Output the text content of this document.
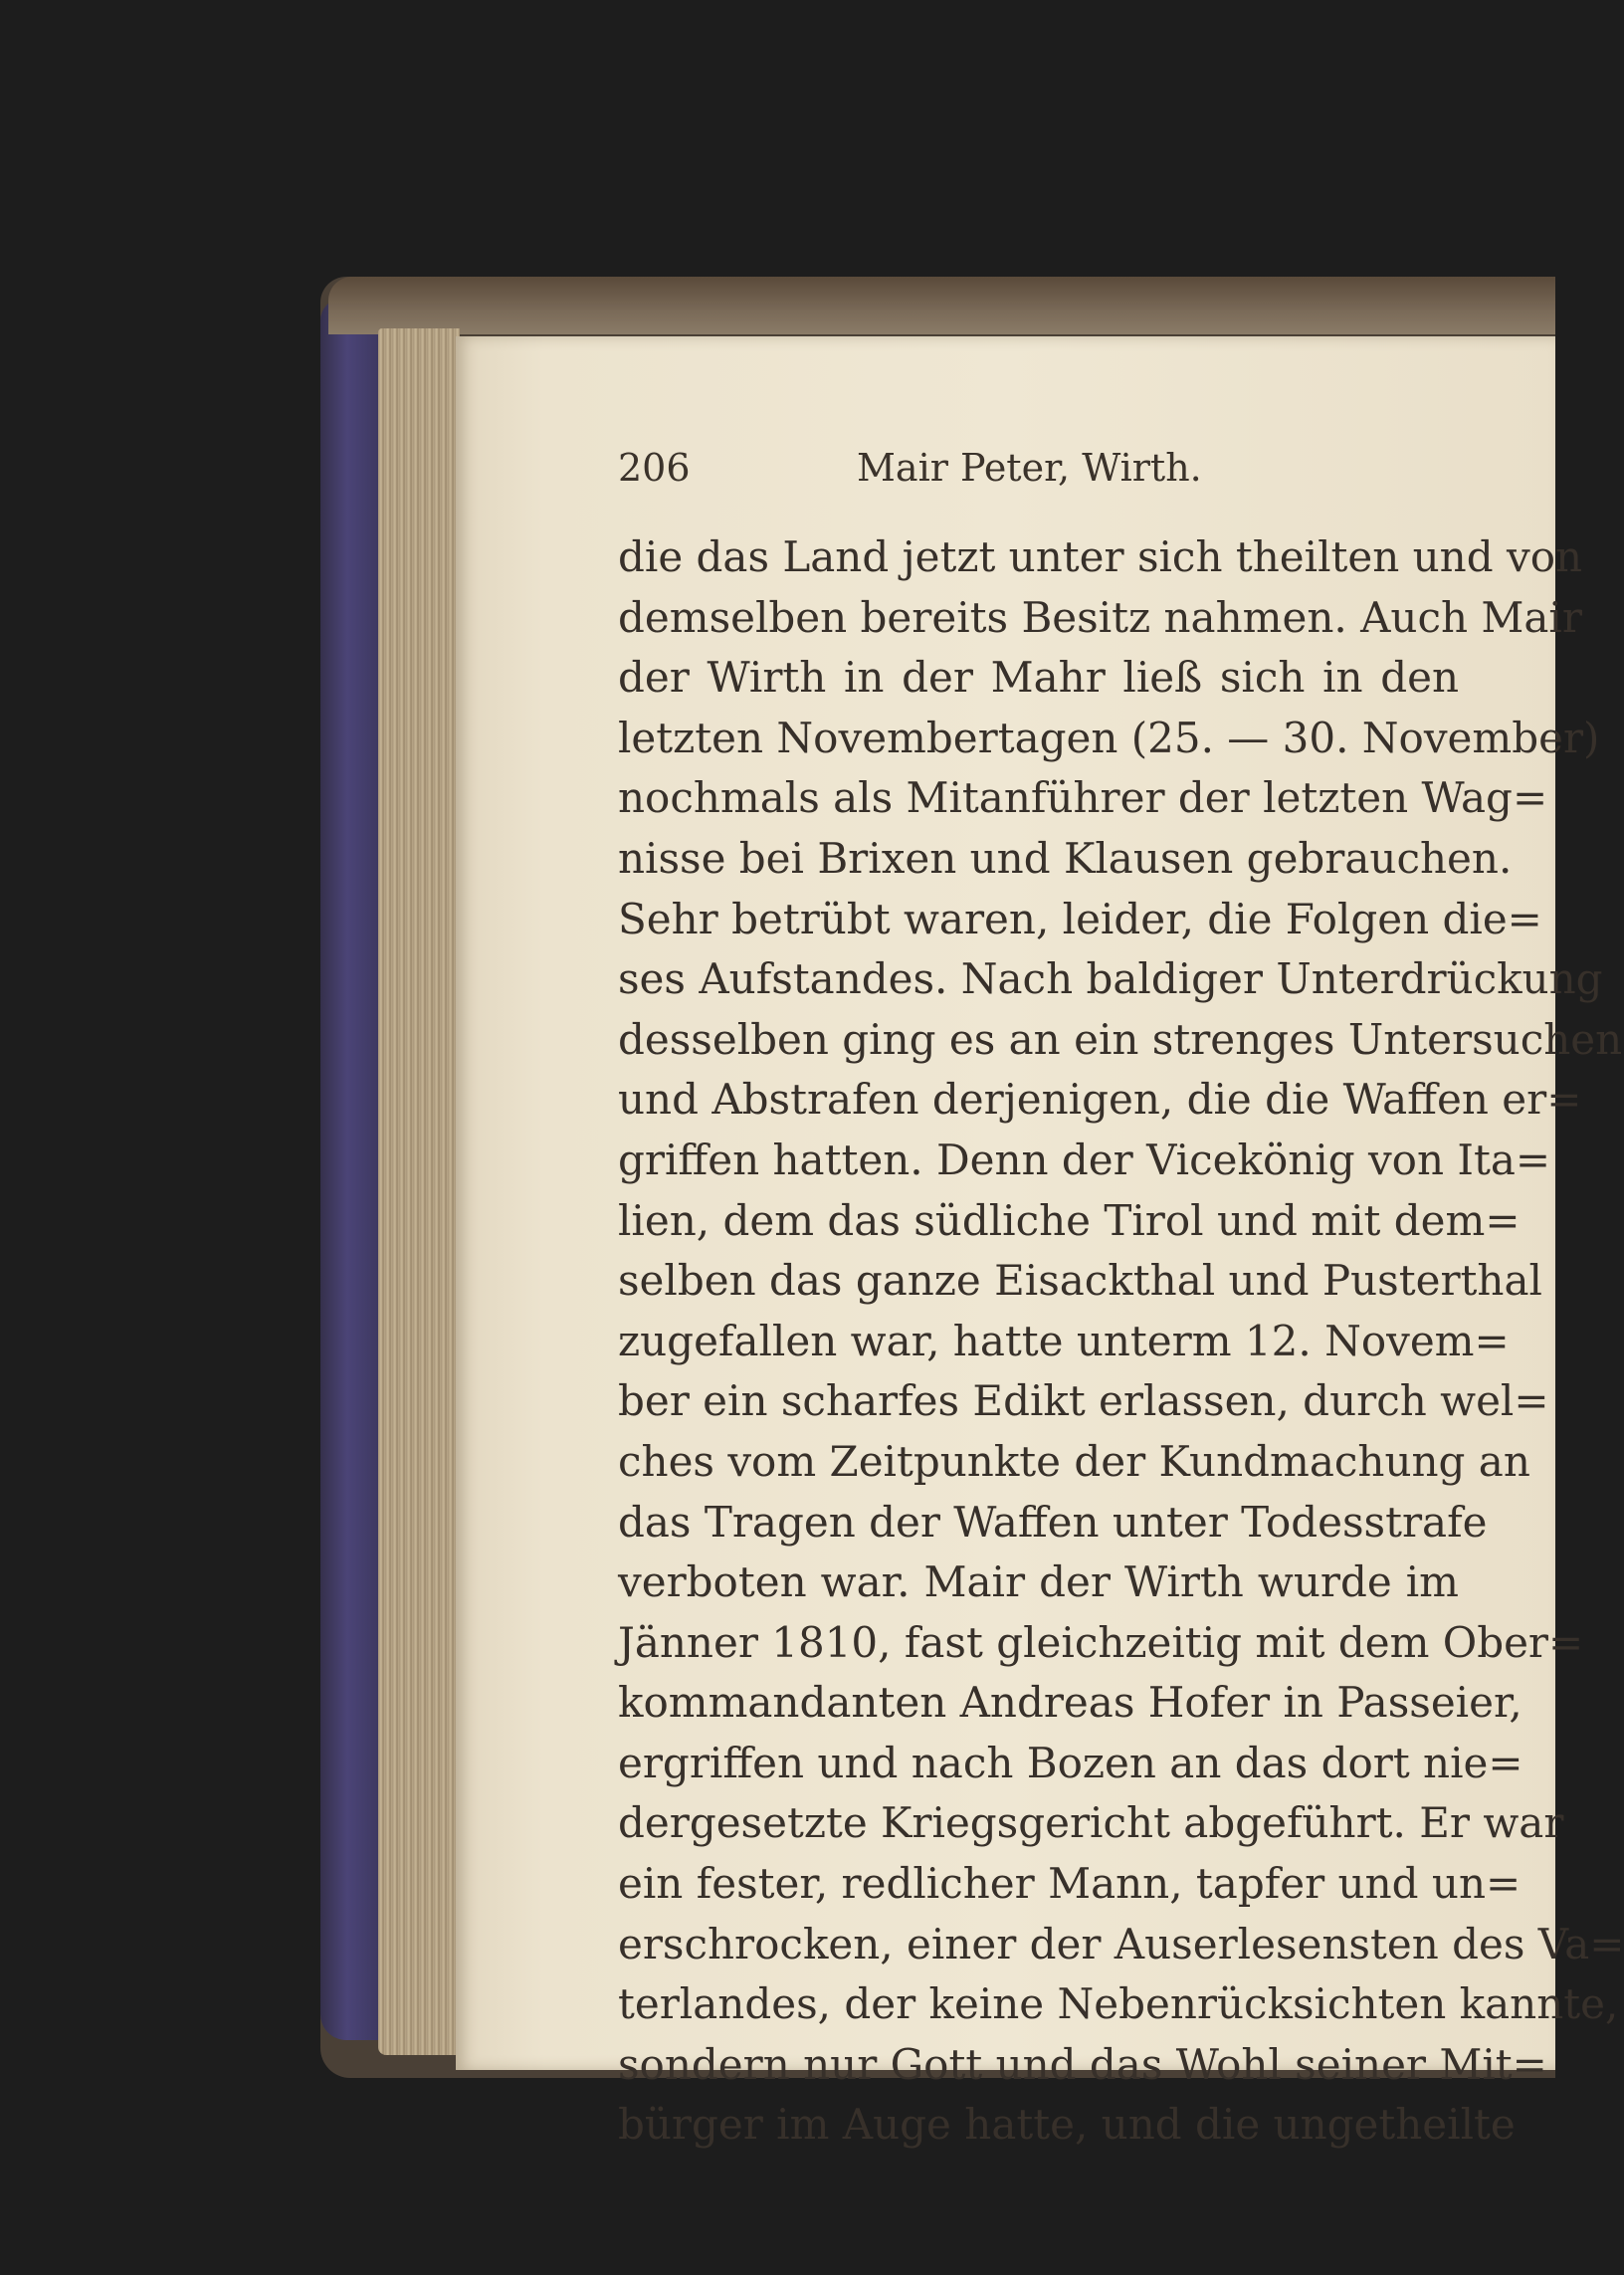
206	Mair Peter, Wirth.
die das Land jetzt unter sich theilten und von
demselben bereits Besitz nahmen. Auch Mair
der Wirth in der Mahr ließ sich in den
letzten Novembertagen (25. — 30. November)
nochmals als Mitanführer der letzten Wag=
nisse bei Brixen und Klausen gebrauchen.
Sehr betrübt waren, leider, die Folgen die=
ses Aufstandes. Nach baldiger Unterdrückung
desselben ging es an ein strenges Untersuchen
und Abstrafen derjenigen, die die Waffen er=
griffen hatten. Denn der Vicekönig von Ita=
lien, dem das südliche Tirol und mit dem=
selben das ganze Eisackthal und Pusterthal
zugefallen war, hatte unterm 12. Novem=
ber ein scharfes Edikt erlassen, durch wel=
ches vom Zeitpunkte der Kundmachung an
das Tragen der Waffen unter Todesstrafe
verboten war. Mair der Wirth wurde im
Jänner 1810, fast gleichzeitig mit dem Ober=
kommandanten Andreas Hofer in Passeier,
ergriffen und nach Bozen an das dort nie=
dergesetzte Kriegsgericht abgeführt. Er war
ein fester, redlicher Mann, tapfer und un=
erschrocken, einer der Auserlesensten des Va=
terlandes, der keine Nebenrücksichten kannte,
sondern nur Gott und das Wohl seiner Mit=
bürger im Auge hatte, und die ungetheilte
